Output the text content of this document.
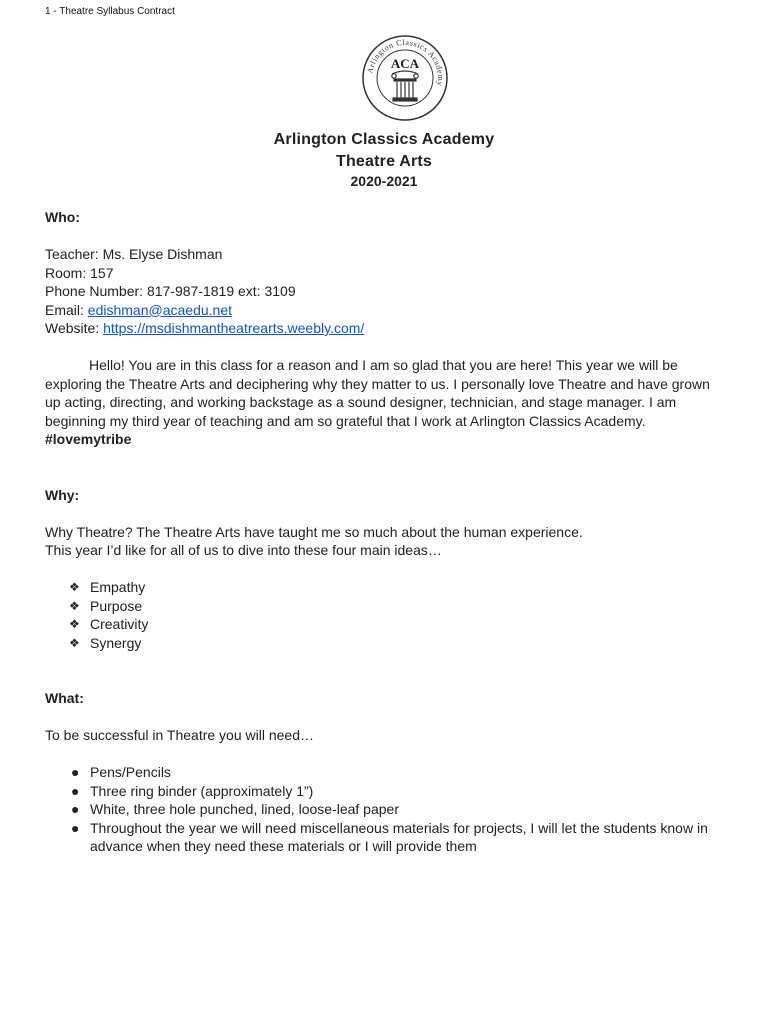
1 - Theatre Syllabus Contract
Arlington Classics Academy
ACA
Arlington Classics Academy
Theatre Arts
2020-2021

Who:

Teacher: Ms. Elyse Dishman

Room: 157

Phone Number: 817-987-1819 ext: 3109

Email: edishman@acaedu.net

Website: https://msdishmantheatrearts.weebly.com/

Hello! You are in this class for a reason and I am so glad that you are here! This year we will be exploring the Theatre Arts and deciphering why they matter to us. I personally love Theatre and have grown up acting, directing, and working backstage as a sound designer, technician, and stage manager. I am beginning my third year of teaching and am so grateful that I work at Arlington Classics Academy. #lovemytribe

Why:

Why Theatre? The Theatre Arts have taught me so much about the human experience.

This year I’d like for all of us to dive into these four main ideas…

❖ Empathy
❖ Purpose
❖ Creativity
❖ Synergy

What:

To be successful in Theatre you will need…

● Pens/Pencils
● Three ring binder (approximately 1”)
● White, three hole punched, lined, loose-leaf paper
● Throughout the year we will need miscellaneous materials for projects, I will let the students know in advance when they need these materials or I will provide them
